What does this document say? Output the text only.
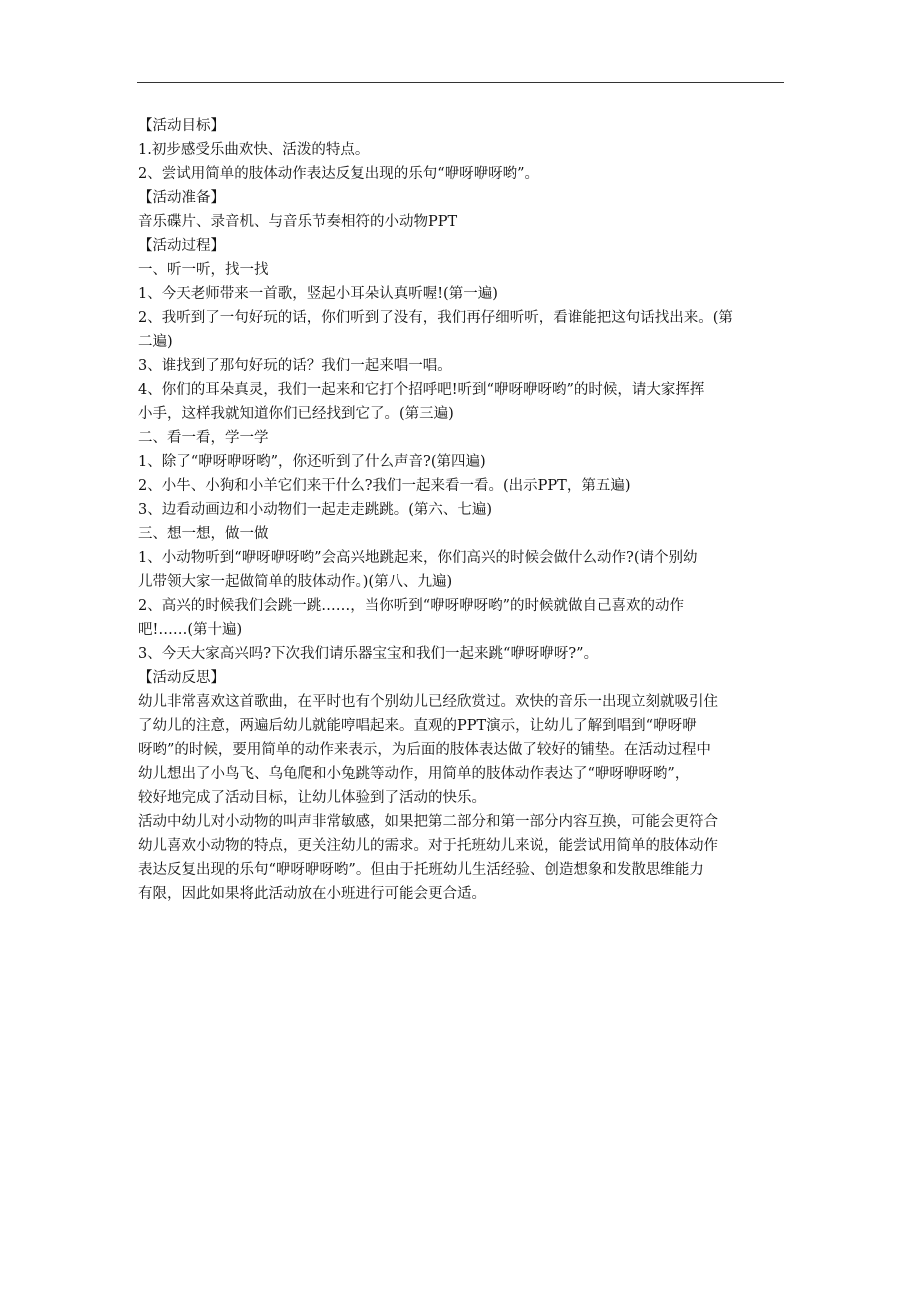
【活动目标】
1.初步感受乐曲欢快、活泼的特点。
2、尝试用简单的肢体动作表达反复出现的乐句“咿呀咿呀哟”。
【活动准备】
音乐碟片、录音机、与音乐节奏相符的小动物PPT
【活动过程】
一、听一听，找一找
1、今天老师带来一首歌，竖起小耳朵认真听喔!(第一遍)
2、我听到了一句好玩的话，你们听到了没有，我们再仔细听听，看谁能把这句话找出来。(第
二遍)
3、谁找到了那句好玩的话？我们一起来唱一唱。
4、你们的耳朵真灵，我们一起来和它打个招呼吧!听到“咿呀咿呀哟”的时候，请大家挥挥
小手，这样我就知道你们已经找到它了。(第三遍)
二、看一看，学一学
1、除了“咿呀咿呀哟”，你还听到了什么声音?(第四遍)
2、小牛、小狗和小羊它们来干什么?我们一起来看一看。(出示PPT，第五遍)
3、边看动画边和小动物们一起走走跳跳。(第六、七遍)
三、想一想，做一做
1、小动物听到“咿呀咿呀哟”会高兴地跳起来，你们高兴的时候会做什么动作?(请个别幼
儿带领大家一起做简单的肢体动作。)(第八、九遍)
2、高兴的时候我们会跳一跳……，当你听到“咿呀咿呀哟”的时候就做自己喜欢的动作
吧!……(第十遍)
3、今天大家高兴吗?下次我们请乐器宝宝和我们一起来跳“咿呀咿呀?”。
【活动反思】
幼儿非常喜欢这首歌曲，在平时也有个别幼儿已经欣赏过。欢快的音乐一出现立刻就吸引住
了幼儿的注意，两遍后幼儿就能哼唱起来。直观的PPT演示，让幼儿了解到唱到“咿呀咿
呀哟”的时候，要用简单的动作来表示，为后面的肢体表达做了较好的铺垫。在活动过程中
幼儿想出了小鸟飞、乌龟爬和小兔跳等动作，用简单的肢体动作表达了“咿呀咿呀哟”，
较好地完成了活动目标，让幼儿体验到了活动的快乐。
活动中幼儿对小动物的叫声非常敏感，如果把第二部分和第一部分内容互换，可能会更符合
幼儿喜欢小动物的特点，更关注幼儿的需求。对于托班幼儿来说，能尝试用简单的肢体动作
表达反复出现的乐句“咿呀咿呀哟”。但由于托班幼儿生活经验、创造想象和发散思维能力
有限，因此如果将此活动放在小班进行可能会更合适。
